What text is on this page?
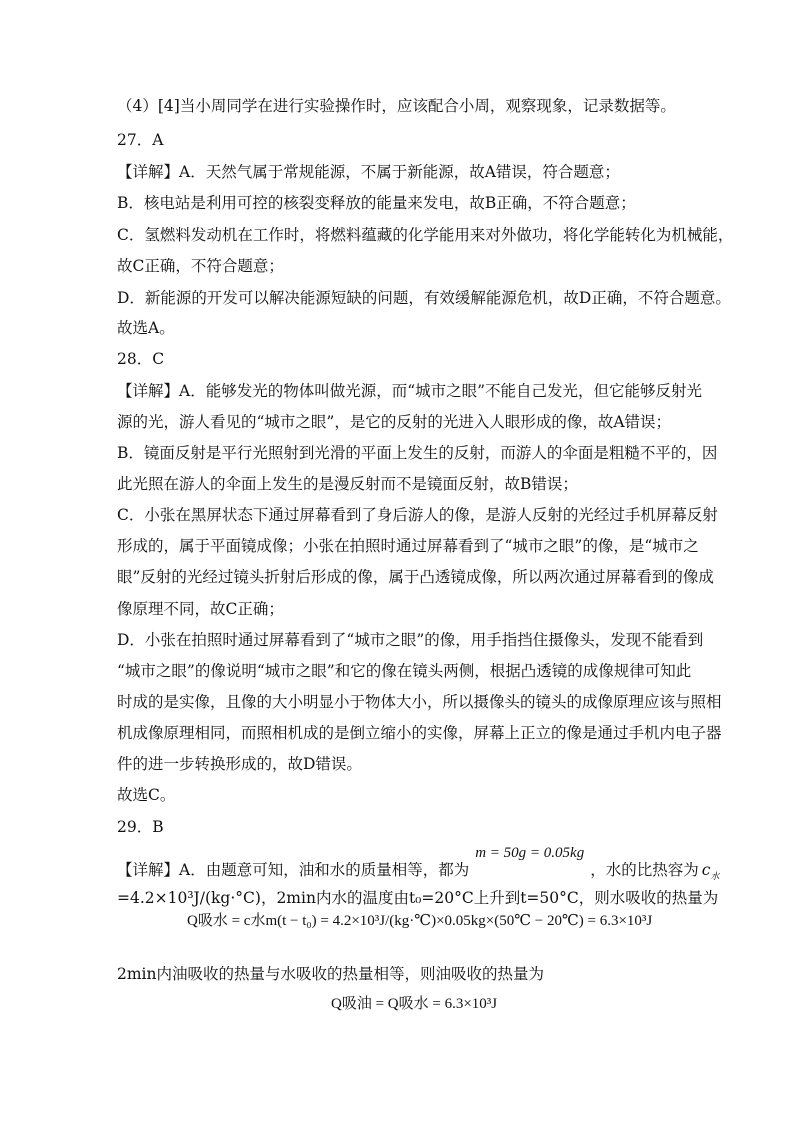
（4）[4]当小周同学在进行实验操作时，应该配合小周，观察现象，记录数据等。
27．A
【详解】A．天然气属于常规能源，不属于新能源，故A错误，符合题意；
B．核电站是利用可控的核裂变释放的能量来发电，故B正确，不符合题意；
C．氢燃料发动机在工作时，将燃料蕴藏的化学能用来对外做功，将化学能转化为机械能，
故C正确，不符合题意；
D．新能源的开发可以解决能源短缺的问题，有效缓解能源危机，故D正确，不符合题意。
故选A。
28．C
【详解】A．能够发光的物体叫做光源，而“城市之眼”不能自己发光，但它能够反射光
源的光，游人看见的“城市之眼”，是它的反射的光进入人眼形成的像，故A错误；
B．镜面反射是平行光照射到光滑的平面上发生的反射，而游人的伞面是粗糙不平的，因
此光照在游人的伞面上发生的是漫反射而不是镜面反射，故B错误；
C．小张在黑屏状态下通过屏幕看到了身后游人的像，是游人反射的光经过手机屏幕反射
形成的，属于平面镜成像；小张在拍照时通过屏幕看到了“城市之眼”的像，是“城市之
眼”反射的光经过镜头折射后形成的像，属于凸透镜成像，所以两次通过屏幕看到的像成
像原理不同，故C正确；
D．小张在拍照时通过屏幕看到了“城市之眼”的像，用手指挡住摄像头，发现不能看到
“城市之眼”的像说明“城市之眼”和它的像在镜头两侧，根据凸透镜的成像规律可知此
时成的是实像，且像的大小明显小于物体大小，所以摄像头的镜头的成像原理应该与照相
机成像原理相同，而照相机成的是倒立缩小的实像，屏幕上正立的像是通过手机内电子器
件的进一步转换形成的，故D错误。
故选C。
29．B
【详解】A．由题意可知，油和水的质量相等，都为m = 50g = 0.05kg，水的比热容为 $c_水$
=4.2×10³J/(kg·°C)，2min内水的温度由t₀=20°C上升到t=50°C，则水吸收的热量为
Q吸水 = c水m(t − t₀) = 4.2×10³J/(kg·℃)×0.05kg×(50℃ − 20℃) = 6.3×10³J
2min内油吸收的热量与水吸收的热量相等，则油吸收的热量为
Q吸油 = Q吸水 = 6.3×10³J
